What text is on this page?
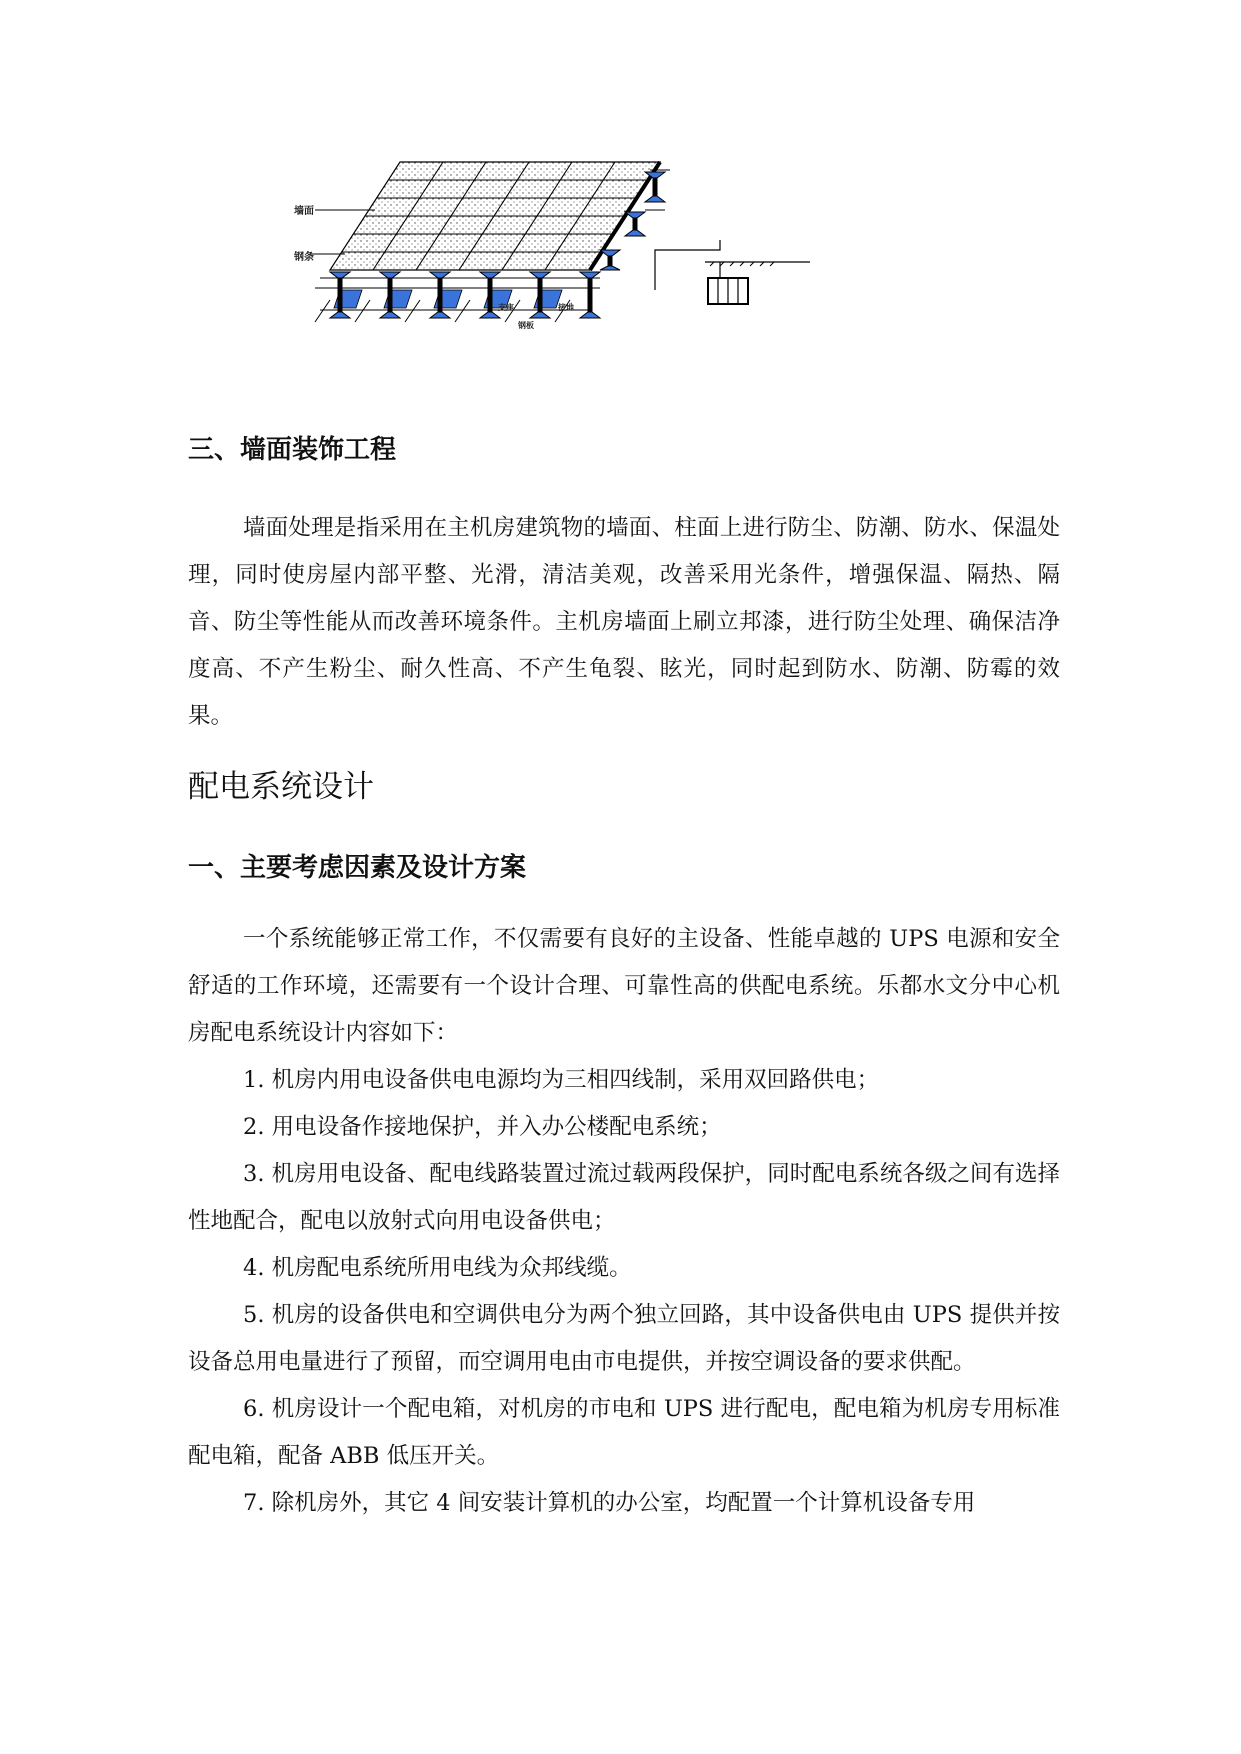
墙面
钢条
支座	接地
钢板
三、墙面装饰工程

墙面处理是指采用在主机房建筑物的墙面、柱面上进行防尘、防潮、防水、保温处理，同时使房屋内部平整、光滑，清洁美观，改善采用光条件，增强保温、隔热、隔音、防尘等性能从而改善环境条件。主机房墙面上刷立邦漆，进行防尘处理、确保洁净度高、不产生粉尘、耐久性高、不产生龟裂、眩光，同时起到防水、防潮、防霉的效果。

配电系统设计
一、主要考虑因素及设计方案

一个系统能够正常工作，不仅需要有良好的主设备、性能卓越的 UPS 电源和安全舒适的工作环境，还需要有一个设计合理、可靠性高的供配电系统。乐都水文分中心机房配电系统设计内容如下：

1. 机房内用电设备供电电源均为三相四线制，采用双回路供电；

2. 用电设备作接地保护，并入办公楼配电系统；

3. 机房用电设备、配电线路装置过流过载两段保护，同时配电系统各级之间有选择性地配合，配电以放射式向用电设备供电；

4. 机房配电系统所用电线为众邦线缆。

5. 机房的设备供电和空调供电分为两个独立回路，其中设备供电由 UPS 提供并按设备总用电量进行了预留，而空调用电由市电提供，并按空调设备的要求供配。

6. 机房设计一个配电箱，对机房的市电和 UPS 进行配电，配电箱为机房专用标准配电箱，配备 ABB 低压开关。

7. 除机房外，其它 4 间安装计算机的办公室，均配置一个计算机设备专用
